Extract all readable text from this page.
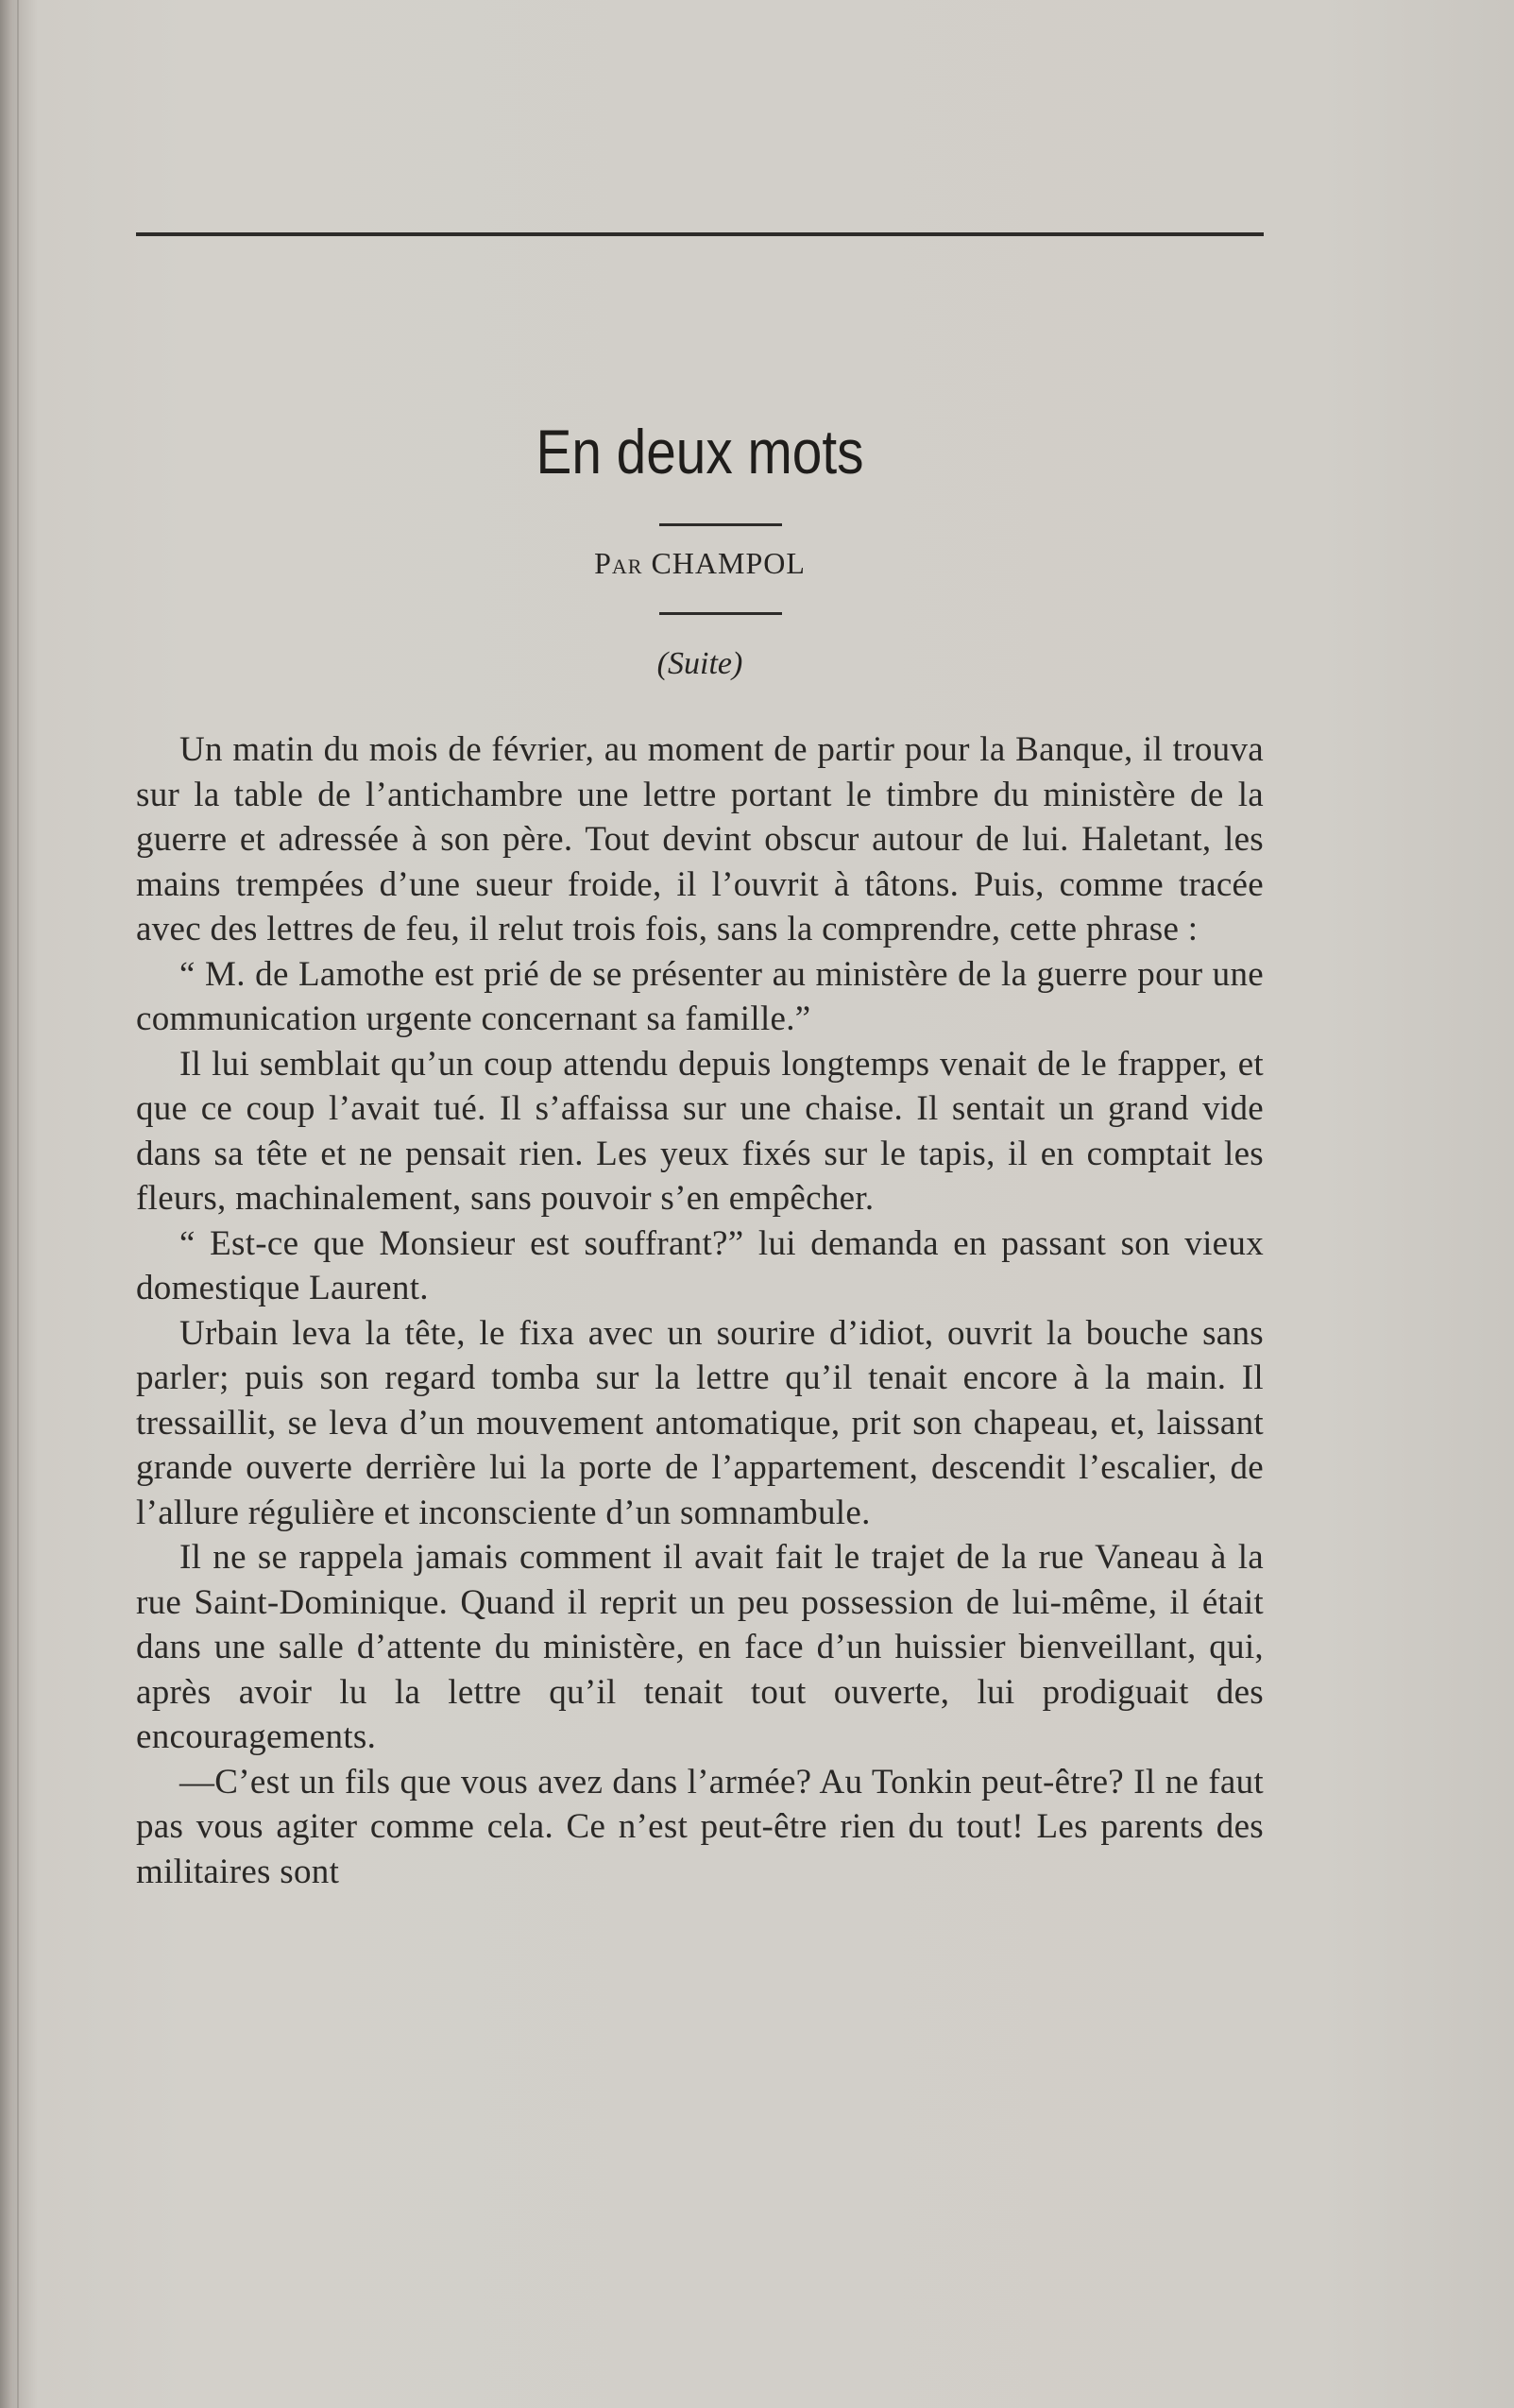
En deux mots
Par CHAMPOL
(Suite)

Un matin du mois de février, au moment de partir pour la Banque, il trouva sur la table de l’antichambre une lettre portant le timbre du ministère de la guerre et adressée à son père. Tout devint obscur autour de lui. Haletant, les mains trempées d’une sueur froide, il l’ouvrit à tâtons. Puis, comme tracée avec des lettres de feu, il relut trois fois, sans la comprendre, cette phrase :

“ M. de Lamothe est prié de se présenter au ministère de la guerre pour une communication urgente concernant sa famille.”

Il lui semblait qu’un coup attendu depuis longtemps venait de le frapper, et que ce coup l’avait tué. Il s’affaissa sur une chaise. Il sentait un grand vide dans sa tête et ne pensait rien. Les yeux fixés sur le tapis, il en comptait les fleurs, machinalement, sans pouvoir s’en empêcher.

“ Est-ce que Monsieur est souffrant?” lui demanda en passant son vieux domestique Laurent.

Urbain leva la tête, le fixa avec un sourire d’idiot, ouvrit la bouche sans parler; puis son regard tomba sur la lettre qu’il tenait encore à la main. Il tressaillit, se leva d’un mouvement antomatique, prit son chapeau, et, laissant grande ouverte derrière lui la porte de l’appartement, descendit l’escalier, de l’allure régulière et inconsciente d’un somnambule.

Il ne se rappela jamais comment il avait fait le trajet de la rue Vaneau à la rue Saint-Dominique. Quand il reprit un peu possession de lui-même, il était dans une salle d’attente du ministère, en face d’un huissier bienveillant, qui, après avoir lu la lettre qu’il tenait tout ouverte, lui prodiguait des encouragements.

—C’est un fils que vous avez dans l’armée? Au Tonkin peut-être? Il ne faut pas vous agiter comme cela. Ce n’est peut-être rien du tout! Les parents des militaires sont
